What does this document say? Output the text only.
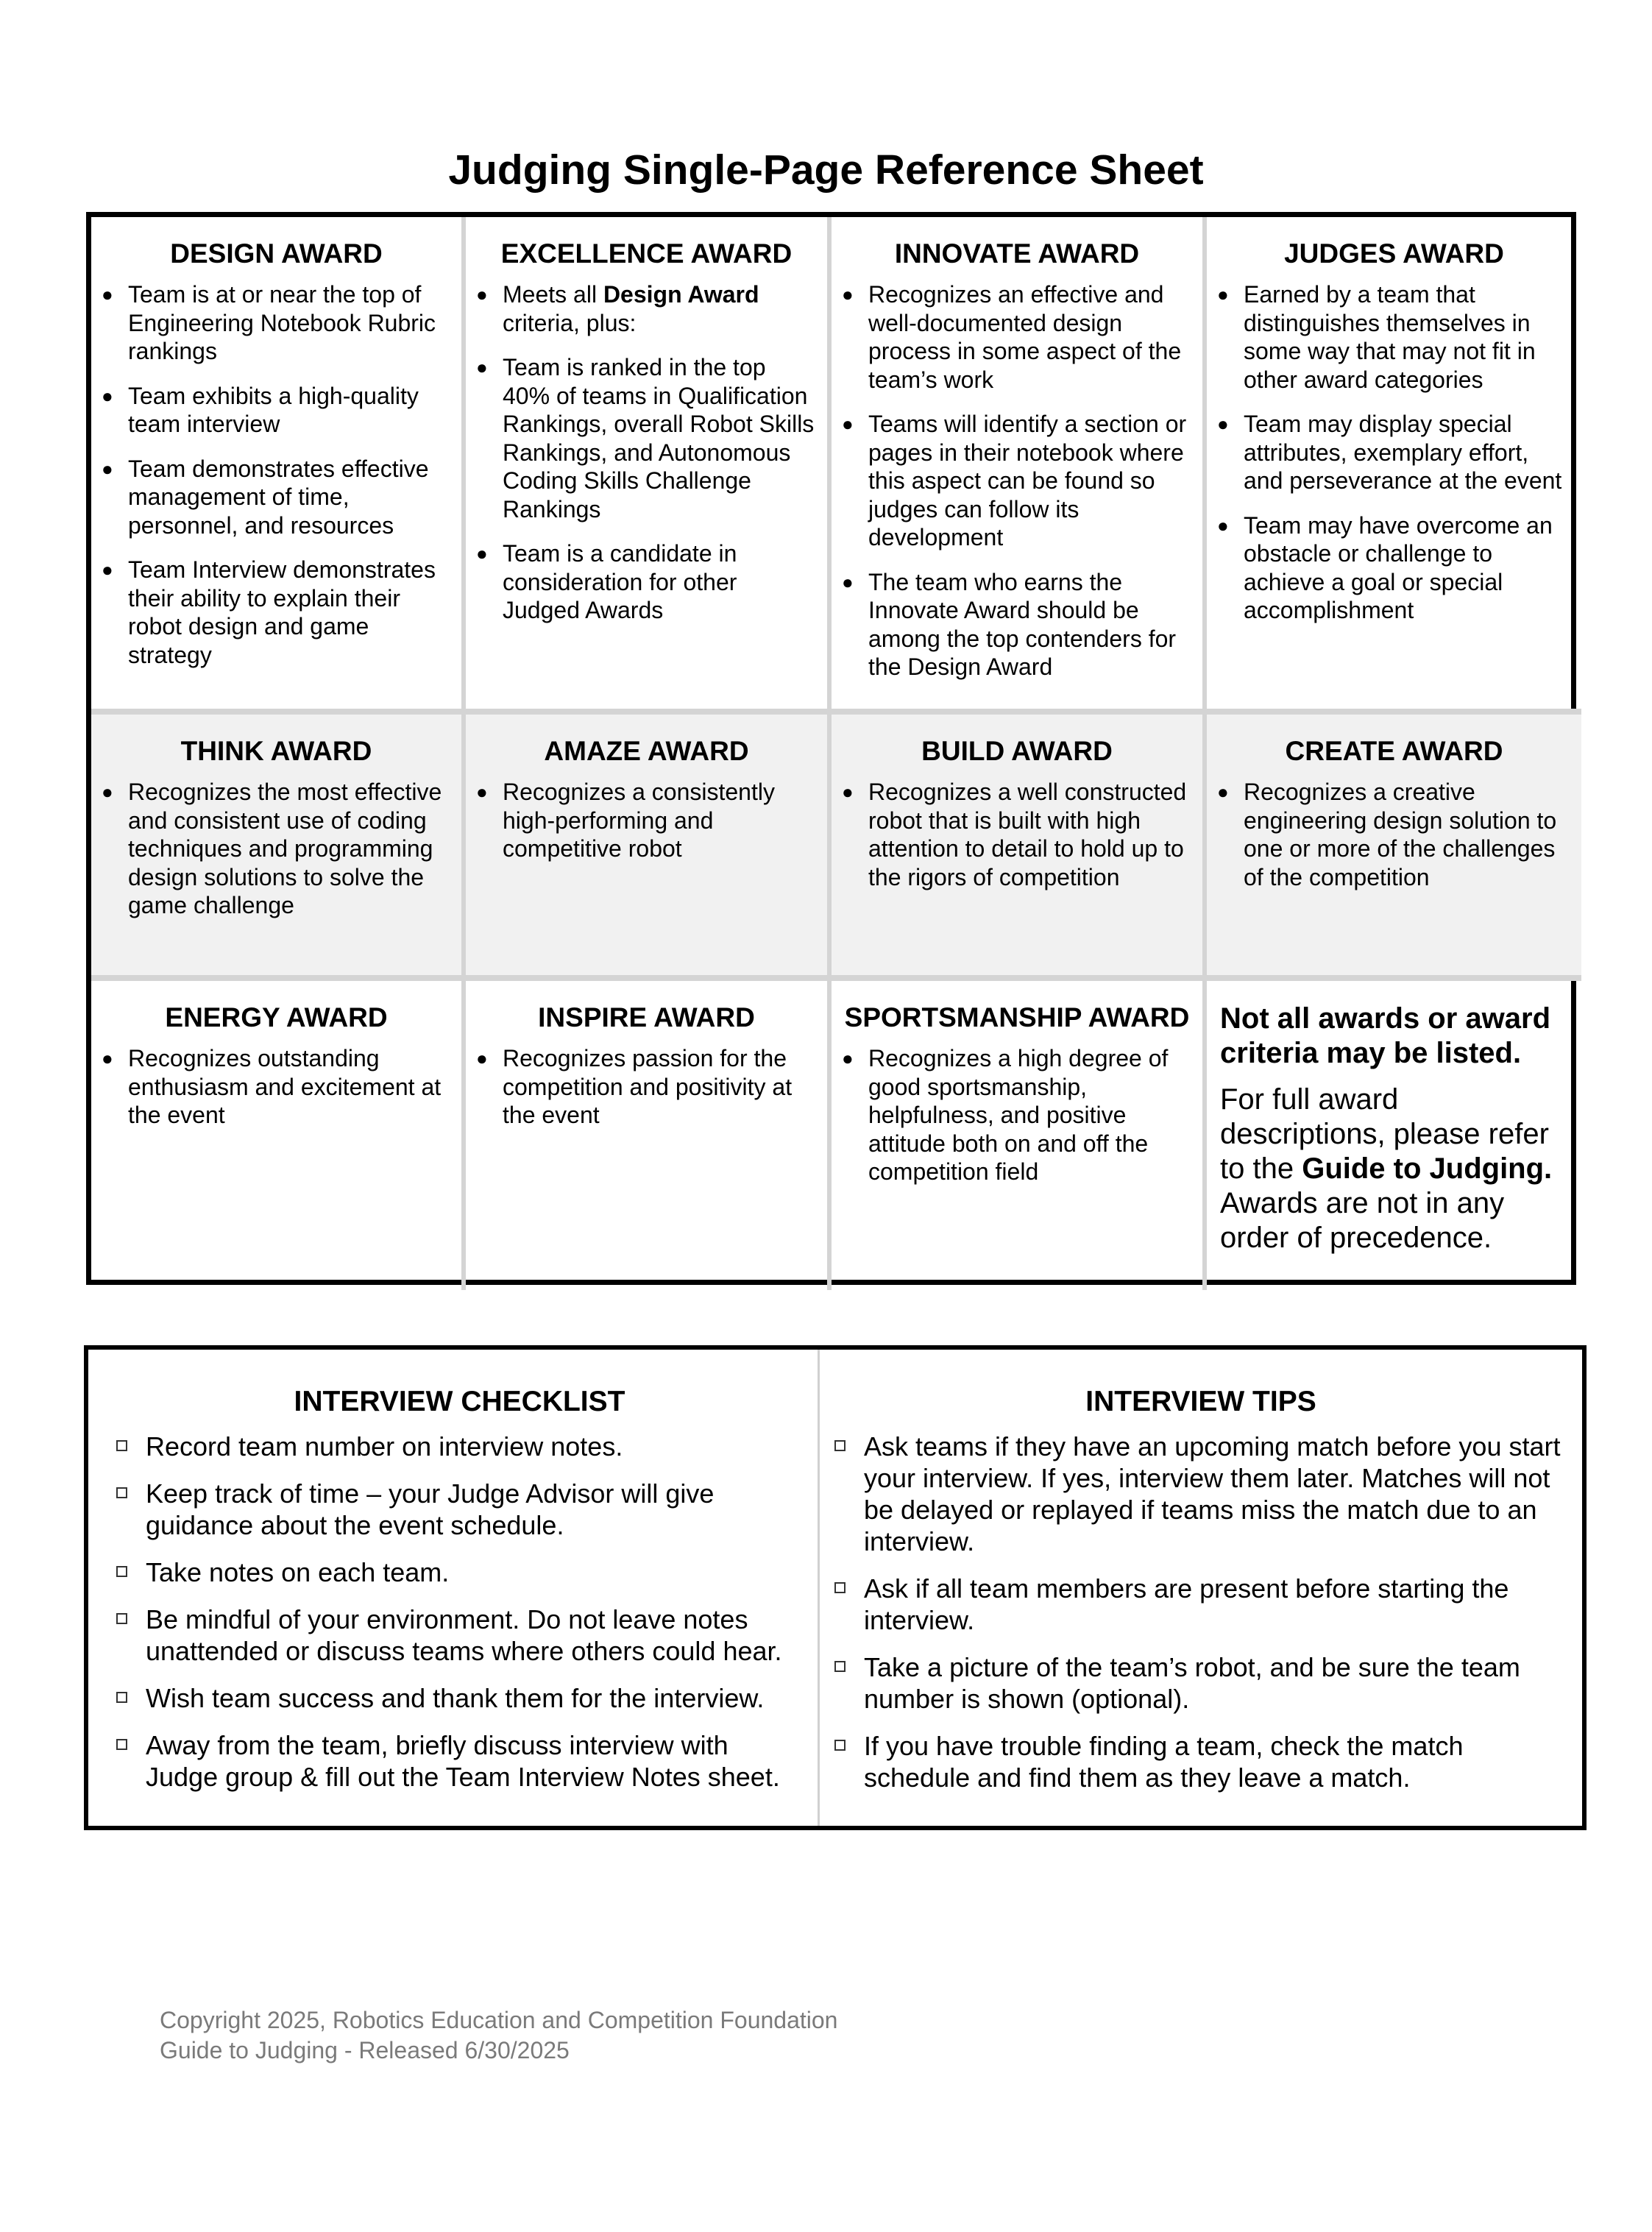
Judging Single-Page Reference Sheet
DESIGN AWARD
● Team is at or near the top of Engineering Notebook Rubric rankings
● Team exhibits a high-quality team interview
● Team demonstrates effective management of time, personnel, and resources
● Team Interview demonstrates their ability to explain their robot design and game strategy
EXCELLENCE AWARD
● Meets all Design Award criteria, plus:
● Team is ranked in the top 40% of teams in Qualification Rankings, overall Robot Skills Rankings, and Autonomous Coding Skills Challenge Rankings
● Team is a candidate in consideration for other Judged Awards
INNOVATE AWARD
● Recognizes an effective and well-documented design process in some aspect of the team’s work
● Teams will identify a section or pages in their notebook where this aspect can be found so judges can follow its development
● The team who earns the Innovate Award should be among the top contenders for the Design Award
JUDGES AWARD
● Earned by a team that distinguishes themselves in some way that may not fit in other award categories
● Team may display special attributes, exemplary effort, and perseverance at the event
● Team may have overcome an obstacle or challenge to achieve a goal or special accomplishment
THINK AWARD
● Recognizes the most effective and consistent use of coding techniques and programming design solutions to solve the game challenge
AMAZE AWARD
● Recognizes a consistently high-performing and competitive robot
BUILD AWARD
● Recognizes a well constructed robot that is built with high attention to detail to hold up to the rigors of competition
CREATE AWARD
● Recognizes a creative engineering design solution to one or more of the challenges of the competition
ENERGY AWARD
● Recognizes outstanding enthusiasm and excitement at the event
INSPIRE AWARD
● Recognizes passion for the competition and positivity at the event
SPORTSMANSHIP AWARD
● Recognizes a high degree of good sportsmanship, helpfulness, and positive attitude both on and off the competition field
Not all awards or award criteria may be listed.
For full award descriptions, please refer to the Guide to Judging. Awards are not in any order of precedence.
INTERVIEW CHECKLIST
Record team number on interview notes.
Keep track of time – your Judge Advisor will give guidance about the event schedule.
Take notes on each team.
Be mindful of your environment. Do not leave notes unattended or discuss teams where others could hear.
Wish team success and thank them for the interview.
Away from the team, briefly discuss interview with Judge group & fill out the Team Interview Notes sheet.
INTERVIEW TIPS
Ask teams if they have an upcoming match before you start your interview. If yes, interview them later. Matches will not be delayed or replayed if teams miss the match due to an interview.
Ask if all team members are present before starting the interview.
Take a picture of the team’s robot, and be sure the team number is shown (optional).
If you have trouble finding a team, check the match schedule and find them as they leave a match.
Copyright 2025, Robotics Education and Competition Foundation
Guide to Judging - Released 6/30/2025
